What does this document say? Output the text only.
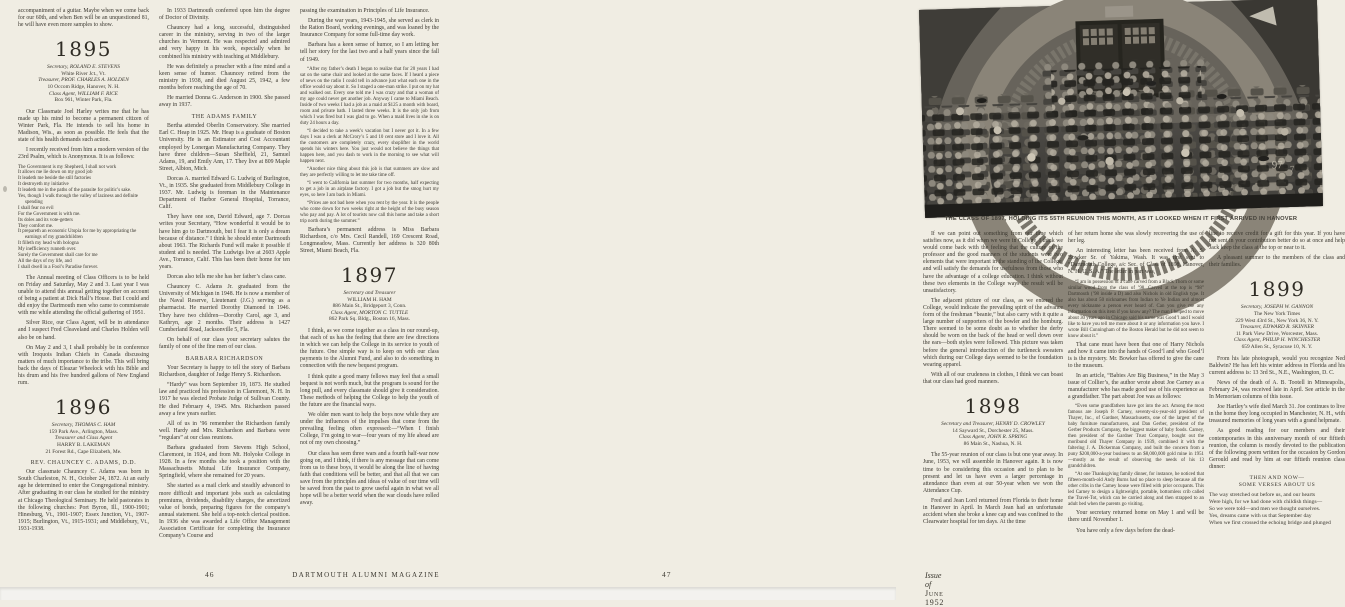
accompaniment of a guitar. Maybe when we come back for our 60th, and when Ben will be an unquestioned 81, he will have even more samples to show.

1895
Secretary, ROLAND E. STEVENS
White River Jct., Vt.
Treasurer, PROF. CHARLES A. HOLDEN
10 Occom Ridge, Hanover, N. H.
Class Agent, WILLIAM F. RICE
Box 961, Winter Park, Fla.

Our Classmate Joel Harley writes me that he has made up his mind to become a permanent citizen of Winter Park, Fla. He intends to sell his home in Madison, Wis., as soon as possible. He feels that the state of his health demands such action.

I recently received from him a modern version of the 23rd Psalm, which is Anonymous. It is as follows:

The Government is my Shepherd, I shall not work
It allows me lie down on my good job
It leadeth me beside the still factories
It destroyeth my initiative
It leadeth me in the paths of the parasite for politic’s sake.
Yes, though I walk through the valley of laziness and definite spending
I shall fear no evil
For the Government is with me.
Its doles and its vote-getters
They comfort me.
It prepareth an economic Utopia for me by appropriating the earnings of my grandchildren
It filleth my head with bologna
My inefficiency runneth over.
Surely the Government shall care for me
All the days of my life, and
I shall dwell in a Fool’s Paradise forever.

The Annual meeting of Class Officers is to be held on Friday and Saturday, May 2 and 3. Last year I was unable to attend this annual getting together on account of being a patient at Dick Hall’s House. But I could and did enjoy the Dartmouth men who came to commiserate with me while attending the official gathering of 1951.

Silver Rice, our Class Agent, will be in attendance and I suspect Fred Cleaveland and Charles Holden will also be on hand.

On May 2 and 3, I shall probably be in conference with Iroquois Indian Chiefs in Canada discussing matters of much importance to the tribe. This will bring back the days of Eleazar Wheelock with his Bible and his drum and his five hundred gallons of New England rum.

1896
Secretary, THOMAS C. HAM
159 Park Ave., Arlington, Mass.
Treasurer and Class Agent
HARRY B. LAKEMAN
21 Forest Rd., Cape Elizabeth, Me.
REV. CHAUNCEY C. ADAMS, D.D.

Our classmate Chauncey C. Adams was born in South Charleston, N. H., October 24, 1872. At an early age he determined to enter the Congregational ministry. After graduating in our class he studied for the ministry at Chicago Theological Seminary. He held pastorates in the following churches: Port Byron, Ill., 1900-1901; Hinesburg, Vt., 1901-1907; Essex Junction, Vt., 1907-1915; Burlington, Vt., 1915-1931; and Middlebury, Vt., 1931-1938.

In 1933 Dartmouth conferred upon him the degree of Doctor of Divinity.

Chauncey had a long, successful, distinguished career in the ministry, serving in two of the larger churches in Vermont. He was respected and admired and very happy in his work, especially when he combined his ministry with teaching at Middlebury.

He was definitely a preacher with a fine mind and a keen sense of humor. Chauncey retired from the ministry in 1938, and died August 25, 1942, a few months before reaching the age of 70.

He married Donna G. Anderson in 1900. She passed away in 1937.

THE ADAMS FAMILY

Bertha attended Oberlin Conservatory. She married Earl C. Heap in 1925. Mr. Heap is a graduate of Boston University. He is an Estimator and Cost Accountant employed by Lonergan Manufacturing Company. They have three children—Susan Sheffield, 21, Samuel Adams, 19, and Emily Ann, 17. They live at 809 Maple Street, Albion, Mich.

Dorcas A. married Edward G. Ludwig of Burlington, Vt., in 1935. She graduated from Middlebury College in 1937. Mr. Ludwig is foreman in the Maintenance Department of Harbor General Hospital, Torrance, Calif.

They have one son, David Edward, age 7. Dorcas writes your Secretary, “How wonderful it would be to have him go to Dartmouth, but I fear it is only a dream because of distance.” I think he should enter Dartmouth about 1963. The Richards Fund will make it possible if student aid is needed. The Ludwigs live at 2603 Apple Ave., Torrance, Calif. This has been their home for ten years.

Dorcas also tells me she has her father’s class cane.

Chauncey C. Adams Jr. graduated from the University of Michigan in 1948. He is now a member of the Naval Reserve, Lieutenant (J.G.) serving as a pharmacist. He married Dorothy Diamond in 1946. They have two children—Dorothy Carol, age 3, and Kathryn, age 2 months. Their address is 1427 Cumberland Road, Jacksonville 5, Fla.

On behalf of our class your secretary salutes the family of one of the fine men of our class.

BARBARA RICHARDSON

Your Secretary is happy to tell the story of Barbara Richardson, daughter of Judge Henry S. Richardson.

“Hardy” was born September 19, 1873. He studied law and practiced his profession in Claremont, N. H. In 1917 he was elected Probate Judge of Sullivan County. He died February 4, 1945. Mrs. Richardson passed away a few years earlier.

All of us in ’96 remember the Richardson family well. Hardy and Mrs. Richardson and Barbara were “regulars” at our class reunions.

Barbara graduated from Stevens High School, Claremont, in 1924, and from Mt. Holyoke College in 1928. In a few months she took a position with the Massachusetts Mutual Life Insurance Company, Springfield, where she remained for 20 years.

She started as a mail clerk and steadily advanced to more difficult and important jobs such as calculating premiums, dividends, disability charges, the amortized value of bonds, preparing figures for the company’s annual statement. She held a top-notch clerical position. In 1936 she was awarded a Life Office Management Association Certificate for completing the Insurance Company’s Course and

passing the examination in Principles of Life Insurance.

During the war years, 1943-1945, she served as clerk in the Ration Board, working evenings, and was loaned by the Insurance Company for some full-time day work.

Barbara has a keen sense of humor, so I am letting her tell her story for the last two and a half years since the fall of 1949.

“After my father’s death I began to realize that for 20 years I had sat on the same chair and looked at the same faces. If I heard a piece of news on the radio I could tell in advance just what each one in the office would say about it. So I staged a one-man strike. I put on my hat and walked out. Every one told me I was crazy and that a woman of my age could never get another job. Anyway I came to Miami Beach. Inside of two weeks I had a job as a maid at $125 a month with board, room and private bath. I lasted three weeks. It is the only job from which I was fired but I was glad to go. When a maid lives in she is on duty 24 hours a day.

“I decided to take a week’s vacation but I never got it. In a few days I was a clerk at McCrory’s 5 and 10 cent store and I love it. All the customers are completely crazy, every shoplifter in the world spends his winters here. You just would not believe the things that happen here, and you dash to work in the morning to see what will happen next.

“Another nice thing about this job is that summers are slow and they are perfectly willing to let me take time off.

“I went to California last summer for two months, half expecting to get a job in an airplane factory. I got a job but the smog hurt my eyes, so here I am back in Miami.

“Prices are not bad here when you rent by the year. It is the people who come down for two weeks right at the height of the busy season who pay and pay. A lot of tourists now call this home and take a short trip north during the summer.”

Barbara’s permanent address is Miss Barbara Richardson, c/o Mrs. Cecil Randell, 169 Crescent Road, Longmeadow, Mass. Currently her address is 320 80th Street, Miami Beach, Fla.

1897
Secretary and Treasurer
WILLIAM H. HAM
886 Main St., Bridgeport 3, Conn.
Class Agent, MORTON C. TUTTLE
862 Park Sq. Bldg., Boston 16, Mass.

I think, as we come together as a class in our round-up, that each of us has the feeling that there are few directions in which we can help the College in its service to youth of the future. One simple way is to keep on with our class payments to the Alumni Fund, and also to do something in connection with the new bequest program.

I think quite a good many fellows may feel that a small bequest is not worth much, but the program is sound for the long pull, and every classmate should give it consideration. These methods of helping the College to help the youth of the future are the financial ways.

We older men want to help the boys now while they are under the influences of the impulses that come from the prevailing feeling often expressed:—“When I finish College, I’m going to war—four years of my life ahead are not of my own choosing.”

Our class has seen three wars and a fourth half-war now going on, and I think, if there is any message that can come from us to these boys, it would be along the line of having faith that conditions will be better, and that all that we can save from the principles and ideas of value of our time will be saved from the past to grow useful again in what we all hope will be a better world when the war clouds have rolled away.

46	DARTMOUTH ALUMNI MAGAZINE
97 7
THE CLASS OF 1897, HOLDING ITS 55TH REUNION THIS MONTH, AS IT LOOKED WHEN IT FIRST ARRIVED IN HANOVER

If we can point out something from our time which satisfies now, as it did when we were in College, I think we would come back with the feeling that the culture of the professor and the good manners of the students were two elements that were important in the standing of the College, and will satisfy the demands for usefulness from those who have the advantage of a college education. I think without these two elements in the College ways the result will be unsatisfactory.

The adjacent picture of our class, as we entered the College, would indicate the prevailing spirit of the advance form of the freshman “beanie,” but also carry with it quite a large number of supporters of the bowler and the homburg. There seemed to be some doubt as to whether the derby should be worn on the back of the head or well down over the ears—both styles were followed. This picture was taken before the general introduction of the turtleneck sweaters which during our College days seemed to be the foundation wearing apparel.

With all of our crudeness in clothes, I think we can boast that our class had good manners.

1898
Secretary and Treasurer, HENRY D. CROWLEY
14 Sayward St., Dorchester 25, Mass.
Class Agent, JOHN R. SPRING
86 Main St., Nashua, N. H.

The 55-year reunion of our class is but one year away. In June, 1953, we will assemble in Hanover again. It is now time to be considering this occasion and to plan to be present and let us have even a larger percentage in attendance than even at our 50-year when we won the Attendance Cup.

Fred and Jean Lord returned from Florida to their home in Hanover in April. In March Jean had an unfortunate accident when she broke a knee cap and was confined to the Clearwater hospital for ten days. At the time

of her return home she was slowly recovering the use of her leg.

An interesting letter has been received from A. S. Bowker Sr. of Yakima, Wash. It was first sent to “Dartmouth College, a/c Sec. of Class of 1898, Hanover, N. H. U. S. A.” The letter in part was,

“I am in possession of a cane carved from a Black Thorn or some similar wood from the class of ’98. Carved at the top is “98” Dartmouth (’98 inside a D) and also Nichols in old English type. It also has about 50 nicknames from Indian to Ye Indian and almost every nickname a person ever heard of. Can you give me any information on this item if you know any? The man I helped to move about 30 years ago in Chicago said his name was Good’l and I would like to have you tell me more about it or any information you have. I wrote Bill Cunningham of the Boston Herald but he did not seem to know about it.”

That cane must have been that one of Harry Nichols and how it came into the hands of Good’l and who Good’l is is the mystery. Mr. Bowker has offered to give the cane to the museum.

In an article, “Babies Are Big Business,” in the May 3 issue of Collier’s, the author wrote about Joe Carney as a manufacturer who has made good use of his experience as a grandfather. The part about Joe was as follows:

“Even some grandfathers have got into the act. Among the most famous are Joseph P. Carney, seventy-six-year-old president of Thayer, Inc., of Gardner, Massachusetts, one of the largest of the baby furniture manufacturers, and Dan Gerber, president of the Gerber Products Company, the biggest maker of baby foods. Carney, then president of the Gardner Trust Company, bought out the moribund old Thayer Company in 1939, combined it with the faltering J. A. Dickerman Company, and built the concern from a puny $200,000-a-year business to an $8,000,000 gold mine in 1951—mostly as the result of observing the needs of his 13 grandchildren.

“At one Thanksgiving family dinner, for instance, he noticed that fifteen-month-old Andy Burns had no place to sleep because all the other cribs in the Carney house were filled with prior occupants. This led Carney to design a lightweight, portable, bottomless crib called the Travel-Tot, which can be carried along and then strapped to an adult bed when the parents go visiting.

Your secretary returned home on May 1 and will be there until November 1.

You have only a few days before the dead-

line to receive credit for a gift for this year. If you have not sent in your contribution better do so at once and help Jack keep the class at the top or near to it.

A pleasant summer to the members of the class and their families.

1899
Secretary, JOSEPH W. GANNON
The New York Times
229 West 43rd St., New York 36, N. Y.
Treasurer, EDWARD R. SKINNER
11 Park View Drive, Worcester, Mass.
Class Agent, PHILIP H. WINCHESTER
659 Allen St., Syracuse 10, N. Y.

From his late photograph, would you recognize Ned Baldwin? He has left his winter address in Florida and his current address is: 13 3rd St., N.E., Washington, D. C.

News of the death of A. B. Tootell in Minneapolis, February 24, was received late in April. See article in the In Memoriam columns of this issue.

Joe Hartley’s wife died March 31. Joe continues to live in the home they long occupied in Manchester, N. H., with treasured memories of long years with a grand helpmate.

As good reading for our members and their contemporaries in this anniversary month of our fiftieth reunion, the column is mostly devoted to the publication of the following poem written for the occasion by Gordon Gerould and read by him at our fiftieth reunion class dinner:

THEN AND NOW—
SOME VERSES ABOUT US
The way stretched out before us, and our hearts
Were high, for we had done with childish things—
So we were told—and men we thought ourselves.
Yes, dreams came with us that September day
When we first crossed the echoing bridge and plunged
47	Issue of June 1952
